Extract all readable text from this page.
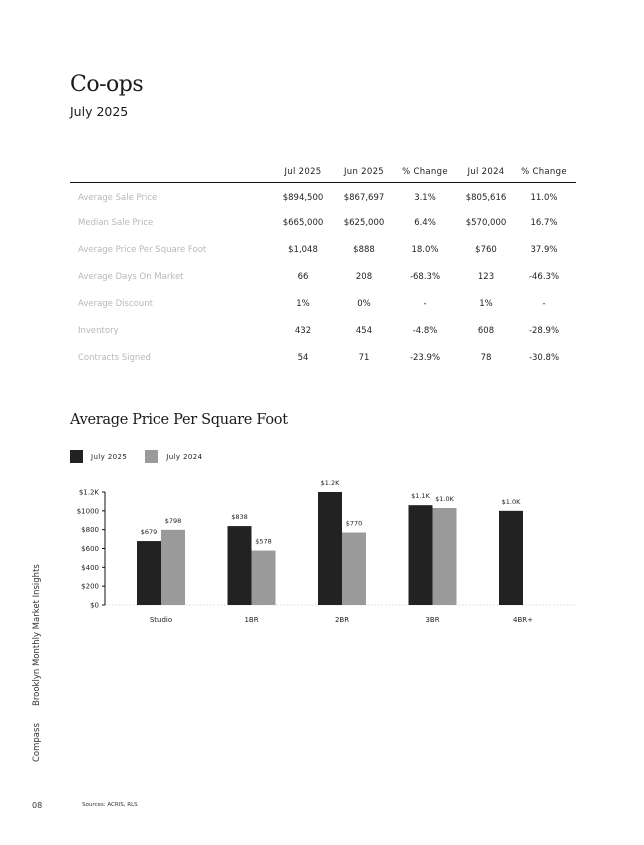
Co-ops
July 2025
	Jul 2025	Jun 2025	% Change	Jul 2024	% Change
Average Sale Price	$894,500	$867,697	3.1%	$805,616	11.0%
Median Sale Price	$665,000	$625,000	6.4%	$570,000	16.7%
Average Price Per Square Foot	$1,048	$888	18.0%	$760	37.9%
Average Days On Market	66	208	-68.3%	123	-46.3%
Average Discount	1%	0%	-	1%	-
Inventory	432	454	-4.8%	608	-28.9%
Contracts Signed	54	71	-23.9%	78	-30.8%
Average Price Per Square Foot
July 2025	July 2024
$0
$200
$400
$600
$800
$1000
$1.2K
$679
$798
Studio
$838
$578
1BR
$1.2K
$770
2BR
$1.1K $1.0K
3BR
$1.0K
4BR+
Brooklyn Monthly Market Insights
Compass
08	Sources: ACRIS, RLS
